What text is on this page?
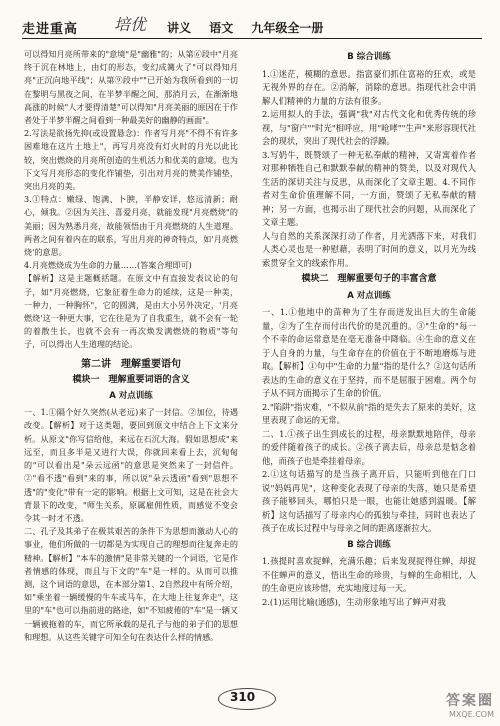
走进重高 培优 讲义 语文 九年级全一册

可以得知月亮所带来的"意境"是"幽雅"的；从第⑥段中"月亮终于沉在林地上，由灯的形态，变幻成篝火了"可以得知月亮"正沉向地平线"；从第⑨段中""已开始为我所看到的一切在黎明与黑夜之间，在半梦半醒之间，那消月云，在渐渐地高涨的时候"人才要得清楚"可以得知"月亮美丽的原因在于作者处于半梦半醒之间看到一种最美好的幽静的画面"。

2.写法是欲扬先抑(或设置悬念)：作者写月亮"不得不有许多困难地在这片土地上"，再写月亮没有灯火时的月光以此比较，突出燃烧的月亮所创造的生机活力和优美的意境。也为下文写月亮形态的变化作铺垫，引出对月亮的赞美作铺垫，突出月亮的美。

3.①特点：嫩绿、饱满、卜腴，半静安详，悠远清新；耐心，倾我。②因为关注、喜爱月亮，就能发现"月亮燃烧"的美丽；因为熟悉月亮，故能领悟由于月亮燃烧的人生道理。两者之间有着内在的联系，写出月亮的神奇特点，如'月亮燃烧'的意思。

4.月亮燃烧成为生命的力量……(答案合理即可)

【解析】这是主题概括题。在原文中有直接发表议论的句子，如"月亮燃烧，它象征着生命力的延续，这是一种美，一种力，一种胸怀"，它的圆满，是由大小另外决定，'月亮燃烧'这一种更大事，它在往是为了自我重生，就不会有一轮的着散生长，也就不会有一再次焕发满燃烧的物质"等句子，可以得出人生道理的结论。

第二讲　理解重要语句
模块一　理解重要词语的含义
A 对点训练

一、1.①隔个好久突然(从老远)来了一封信。②加位，待遇改变。【解析】对于这类题，要回到原文中结合上下文来分析。从原文"你写信给他，来远在石沉大海。假如思想成"来远至，而且多半是又进行大误，你就回来看上去，沉甸甸的"可以看出是"朵云远函"的意思是突然来了一封信件。②"看不透"看到"来的事，所以说"朵云透函"看到"思想不透"的"变化"带有一定的影响。根据上文可知，这是在社会大背景下的改变，"师生关系，原属雇佣性质，而感觉不变会令其一时才不透。

二、孔子及其弟子在极其艰苦的条件下为思想而激动人心的事业，他们所做的一切都是为实现自己的理想而往复奔走的精神。【解析】"本车的激情"是非常关键的一个词语，它是作者情感的体现，而且与下文的"车"是一样的。从而可以推测，这个词语的意思，在本部分第1、2自然段中有所介绍，如"乘坐着一辆缓慢的牛车或马车，在大地上往复奔走"，这里的"车"也可以指前进的路途，如"不知疲倦的"车"是一辆又一辆被拖着的车，而它所承载的是孔子与他的弟子们的思想和理想。从这些关键字可知全句在表达什么样的情感。

B 综合训练

1.①迷茫，模糊的意思。指富豪们抓住富裕的狂欢，或是无视外界的存在。②消解，消除的意思。指现代社会中消解人们精神的力量的方法有很多。

2.运用拟人的手法，强调"我"对古代文化和优秀传统的珍视，与"窗户""时光"相呼应，用"呛哮""生声"来形容现代社会的现状，突出了现代社会的浮躁。

3.写奶牛，既赞颂了一种无私奉献的精神，又寄寓着作者对那种牺牲自己和默默奉献的精神的赞美，以及对现代人生活的深切关注与反思，从而深化了文章主题。4.不同作者对生命价值理解不同，一方面，赞颂了无私奉献的精神；另一方面，也揭示出了现代社会的问题，从而深化了文章主题。

人与自然的关系深深打动了作者，月光洒落下来，对我们人类心灵也是一种慰藉，表明了时间的意义，以月光为线索贯穿全文的线索作用。

模块二　理解重要句子的丰富含意
A 对点训练

一、1.①他地中的苗种为了生存而迸发出巨大的生命能量，②为了生存而付出代价的是沉重的。③"生命的"每一个不幸的命运常意是在毫无准备中降临。④生命的意义在于人自身的力量，与生命存在的价值在于不断地磨炼与进取。【解析】①句中"生命的力量"指的是什么？②这句话所表达的生命的意义在于坚持，而不是屈服于困难。两个句子从不同方面揭示了生命的价值。

2."陷阱"指灾难，"不似从前"指的是失去了原来的美好，这里表现了命运的无常。

二、1.①孩子出生到成长的过程，母亲默默地陪伴，母亲的爱伴随着孩子的成长。②孩子离去后，母亲总是惦念着他，而孩子也是牵挂着母亲。

2.①这句话描写的是当孩子离开后，只能听到他在门口说"妈妈再见"，这种变化表现了母亲的失落，她只是希望孩子能够回头，哪怕只是一眼，也能让她感到温暖。【解析】这句话描写了母亲内心的孤独与牵挂，同时也表达了孩子在成长过程中与母亲之间的距离逐渐拉大。

B 综合训练

1.孩提时喜欢捉蝉，充满乐趣；后来发现捉得住蝉，却捉不住蝉声的意义，悟出生命的珍贵，与蝉的生命相比，人的生命更应该珍惜，充实地度过每一天。

2.(1)运用比喻(通感)，生动形象地写出了蝉声对我

310	答案圈
MXQE.COM
